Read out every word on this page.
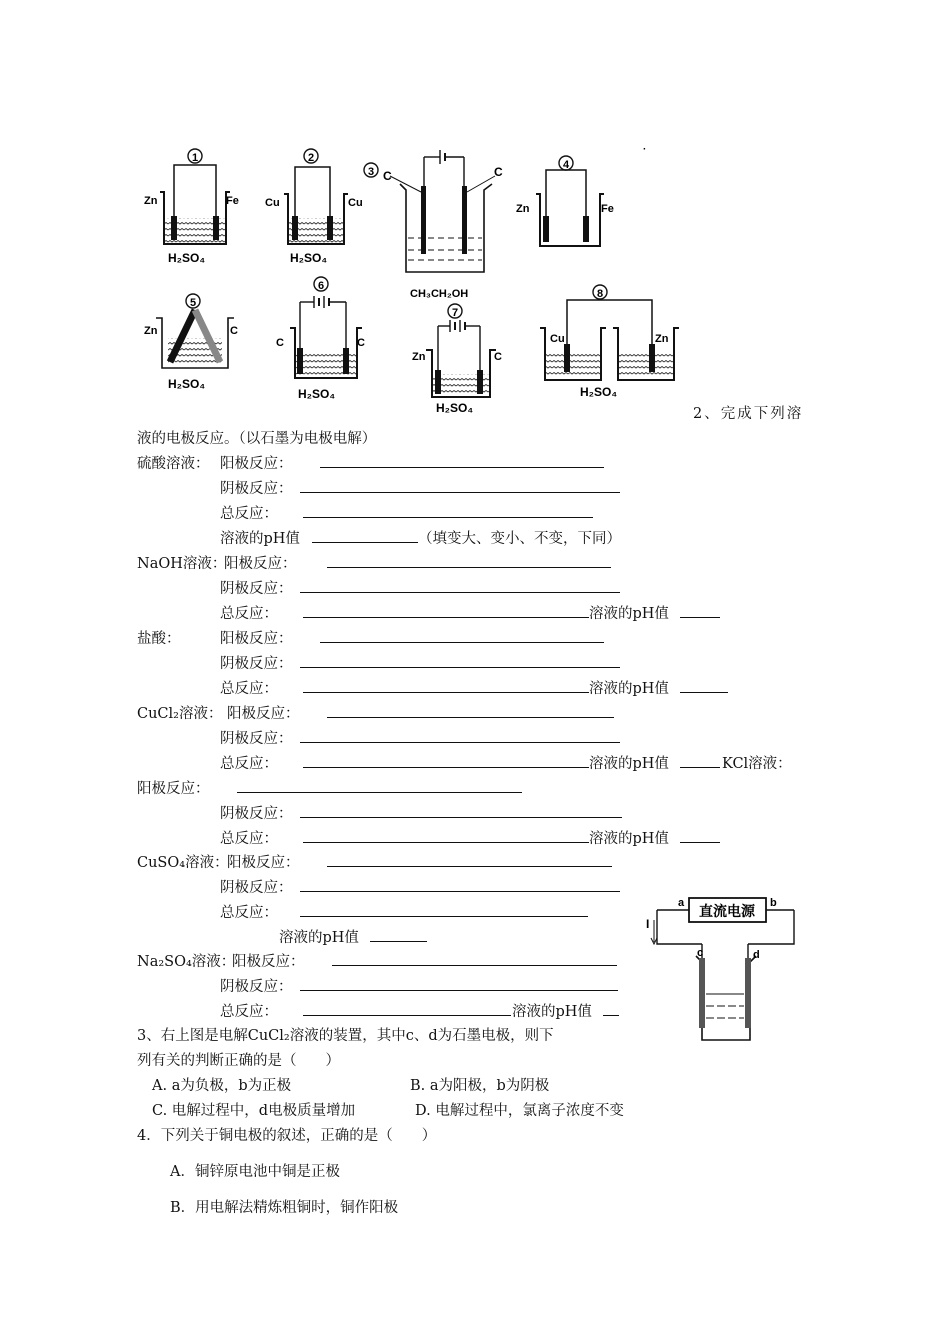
1
Zn	Fe
H₂SO₄
2
Cu	Cu
H₂SO₄
3 C	C	4
Zn	Fe
5
Zn	C
H₂SO₄
6
C	C
H₂SO₄
CH₃CH₂OH
7
Zn	C
H₂SO₄
8
Cu	Zn
H₂SO₄
·
直流电源
a	b
I
c	d
2、完成下列溶
液的电极反应。（以石墨为电极电解）
硫酸溶液： 阳极反应：
阴极反应：
总反应：
溶液的pH值	（填变大、变小、不变，下同）
NaOH溶液：
阳极反应：
阴极反应：
总反应：	溶液的pH值
盐酸：	阳极反应：
阴极反应：
总反应：	溶液的pH值
CuCl₂溶液： 阳极反应：
阴极反应：
总反应：	溶液的pH值	KCl溶液：
阳极反应：
阴极反应：
总反应：	溶液的pH值
CuSO₄溶液：
阳极反应：
阴极反应：
总反应：
溶液的pH值
Na₂SO₄溶液：
阳极反应：
阴极反应：
总反应：	溶液的pH值
3、右上图是电解CuCl₂溶液的装置，其中c、d为石墨电极，则下
列有关的判断正确的是（　　）
A. a为负极，b为正极	B. a为阳极，b为阴极
C. 电解过程中，d电极质量增加	D. 电解过程中，氯离子浓度不变
4．下列关于铜电极的叙述，正确的是（　　）
A．铜锌原电池中铜是正极
B．用电解法精炼粗铜时，铜作阳极
